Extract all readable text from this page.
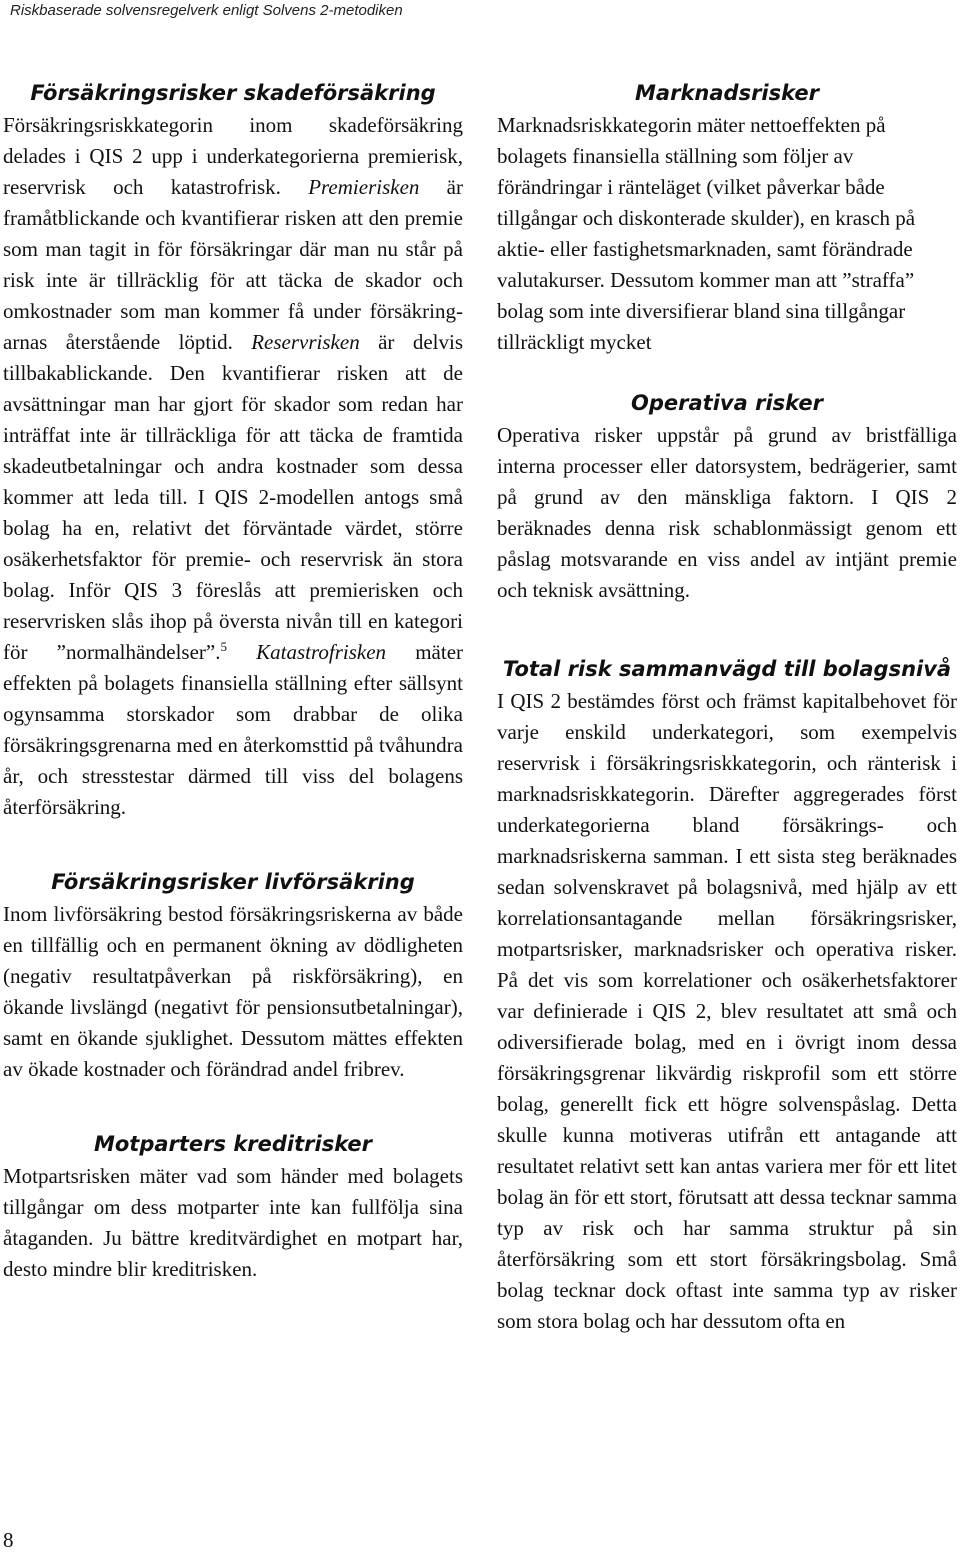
Riskbaserade solvensregelverk enligt Solvens 2-metodiken
Försäkringsrisker skadeförsäkring

Försäkringsriskkategorin inom skadeförsäkring delades i QIS 2 upp i underkategorierna premierisk, reservrisk och katastrofrisk. Premierisken är framåtblickande och kvantifierar risken att den premie som man tagit in för försäkringar där man nu står på risk inte är tillräcklig för att täcka de skador och omkostnader som man kommer få under försäkringarnas återstående löptid. Reservrisken är delvis tillbakablickande. Den kvantifierar risken att de avsättningar man har gjort för skador som redan har inträffat inte är tillräckliga för att täcka de framtida skadeutbetalningar och andra kostnader som dessa kommer att leda till. I QIS 2-modellen antogs små bolag ha en, relativt det förväntade värdet, större osäkerhetsfaktor för premie- och reservrisk än stora bolag. Inför QIS 3 föreslås att premierisken och reservrisken slås ihop på översta nivån till en kategori för ”normalhändelser”.$^5$ Katastrofrisken mäter effekten på bolagets finansiella ställning efter sällsynt ogynsamma storskador som drabbar de olika försäkringsgrenarna med en återkomsttid på tvåhundra år, och stresstestar därmed till viss del bolagens återförsäkring.

Försäkringsrisker livförsäkring

Inom livförsäkring bestod försäkringsriskerna av både en tillfällig och en permanent ökning av dödligheten (negativ resultatpåverkan på riskförsäkring), en ökande livslängd (negativt för pensionsutbetalningar), samt en ökande sjuklighet. Dessutom mättes effekten av ökade kostnader och förändrad andel fribrev.

Motparters kreditrisker

Motpartsrisken mäter vad som händer med bolagets tillgångar om dess motparter inte kan fullfölja sina åtaganden. Ju bättre kreditvärdighet en motpart har, desto mindre blir kreditrisken.

Marknadsrisker

Marknadsriskkategorin mäter nettoeffekten på bolagets finansiella ställning som följer av förändringar i ränteläget (vilket påverkar både tillgångar och diskonterade skulder), en krasch på aktie- eller fastighetsmarknaden, samt förändrade valutakurser. Dessutom kommer man att ”straffa” bolag som inte diversifierar bland sina tillgångar tillräckligt mycket

Operativa risker

Operativa risker uppstår på grund av bristfälliga interna processer eller datorsystem, bedrägerier, samt på grund av den mänskliga faktorn. I QIS 2 beräknades denna risk schablonmässigt genom ett påslag motsvarande en viss andel av intjänt premie och teknisk avsättning.

Total risk sammanvägd till bolagsnivå

I QIS 2 bestämdes först och främst kapitalbehovet för varje enskild underkategori, som exempelvis reservrisk i försäkringsriskkategorin, och ränterisk i marknadsriskkategorin. Därefter aggregerades först underkategorierna bland försäkrings- och marknadsriskerna samman. I ett sista steg beräknades sedan solvenskravet på bolagsnivå, med hjälp av ett korrelationsantagande mellan försäkringsrisker, motpartsrisker, marknadsrisker och operativa risker. På det vis som korrelationer och osäkerhetsfaktorer var definierade i QIS 2, blev resultatet att små och odiversifierade bolag, med en i övrigt inom dessa försäkringsgrenar likvärdig riskprofil som ett större bolag, generellt fick ett högre solvenspåslag. Detta skulle kunna motiveras utifrån ett antagande att resultatet relativt sett kan antas variera mer för ett litet bolag än för ett stort, förutsatt att dessa tecknar samma typ av risk och har samma struktur på sin återförsäkring som ett stort försäkringsbolag. Små bolag tecknar dock oftast inte samma typ av risker som stora bolag och har dessutom ofta en

8
